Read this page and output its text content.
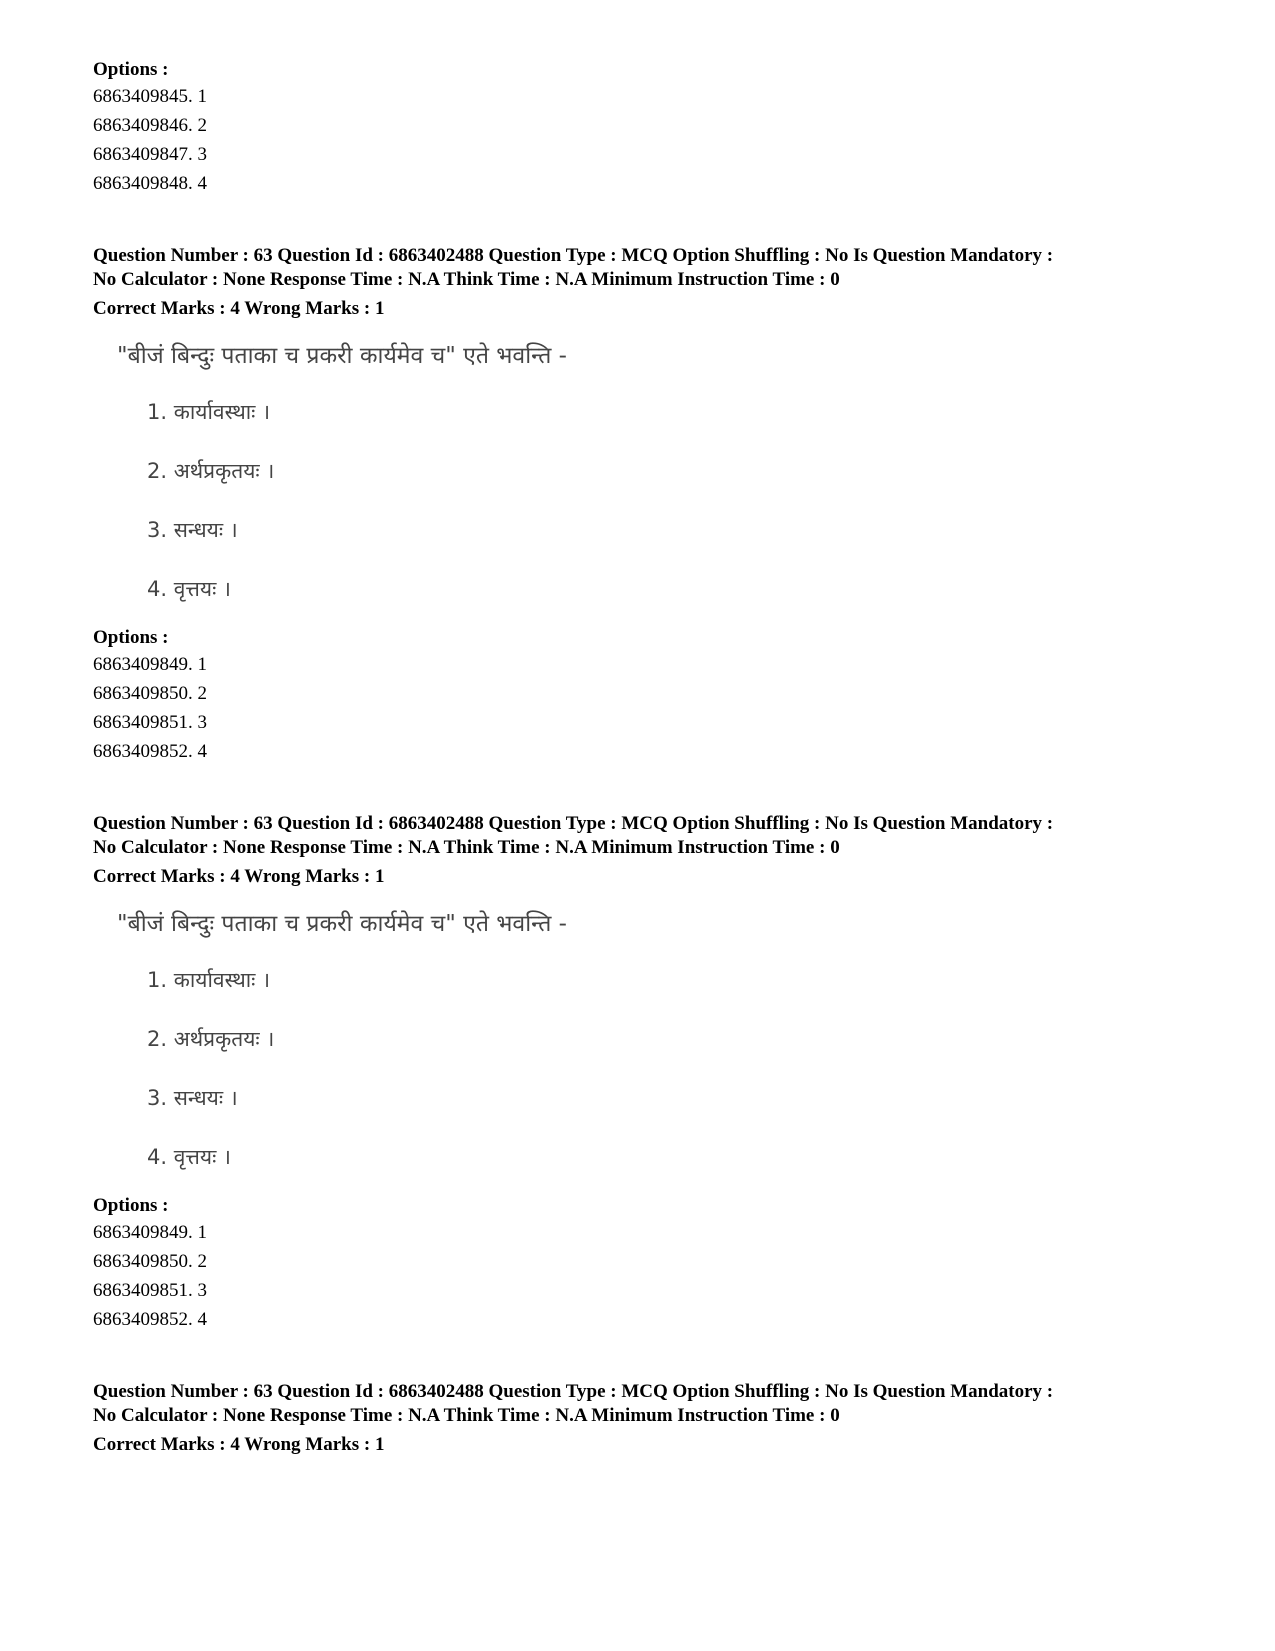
Options :
6863409845. 1
6863409846. 2
6863409847. 3
6863409848. 4
Question Number : 63 Question Id : 6863402488 Question Type : MCQ Option Shuffling : No Is Question Mandatory :
No Calculator : None Response Time : N.A Think Time : N.A Minimum Instruction Time : 0
Correct Marks : 4 Wrong Marks : 1
"बीजं बिन्दुः पताका च प्रकरी कार्यमेव च" एते भवन्ति -
1. कार्यावस्थाः ।
2. अर्थप्रकृतयः ।
3. सन्धयः ।
4. वृत्तयः ।
Options :
6863409849. 1
6863409850. 2
6863409851. 3
6863409852. 4
Question Number : 63 Question Id : 6863402488 Question Type : MCQ Option Shuffling : No Is Question Mandatory :
No Calculator : None Response Time : N.A Think Time : N.A Minimum Instruction Time : 0
Correct Marks : 4 Wrong Marks : 1
"बीजं बिन्दुः पताका च प्रकरी कार्यमेव च" एते भवन्ति -
1. कार्यावस्थाः ।
2. अर्थप्रकृतयः ।
3. सन्धयः ।
4. वृत्तयः ।
Options :
6863409849. 1
6863409850. 2
6863409851. 3
6863409852. 4
Question Number : 63 Question Id : 6863402488 Question Type : MCQ Option Shuffling : No Is Question Mandatory :
No Calculator : None Response Time : N.A Think Time : N.A Minimum Instruction Time : 0
Correct Marks : 4 Wrong Marks : 1
